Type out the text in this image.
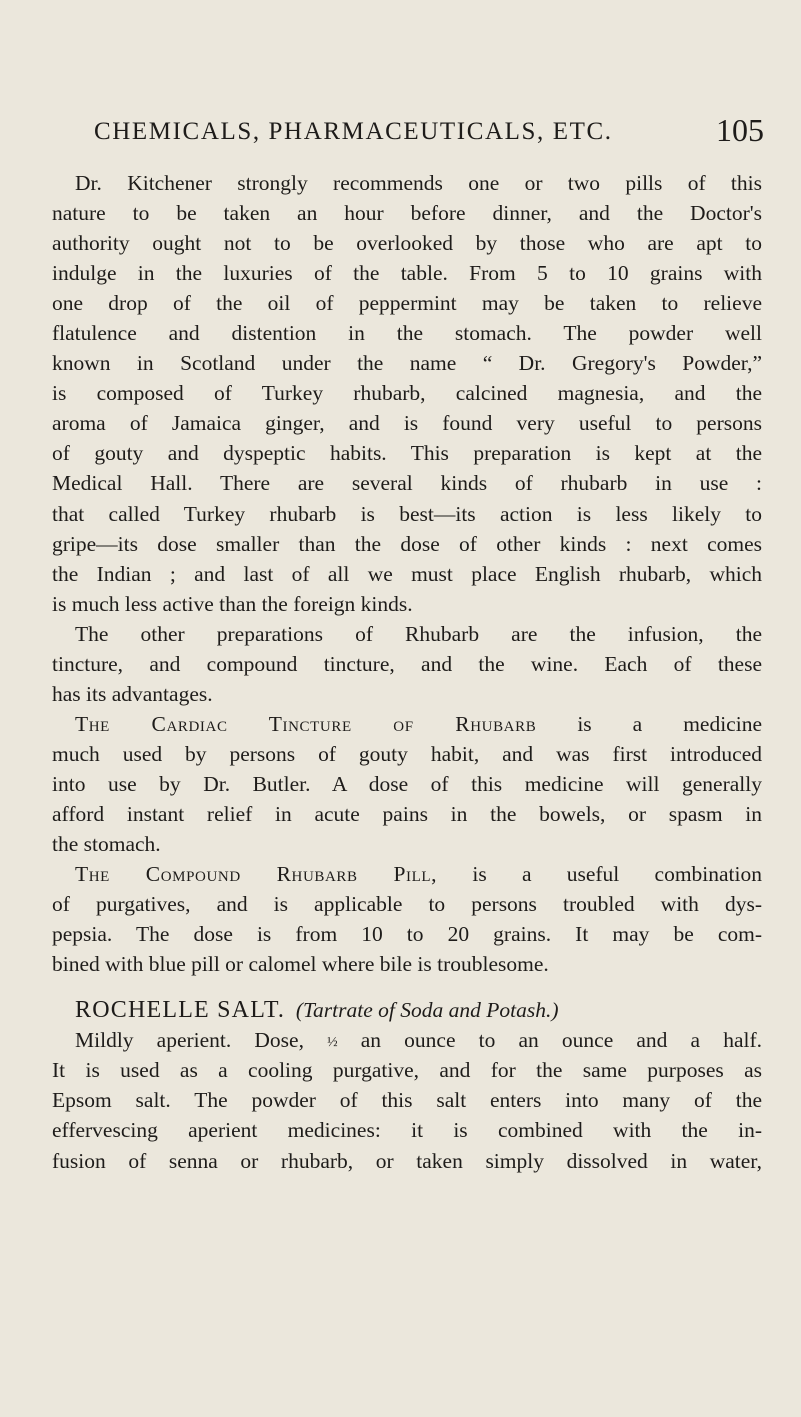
CHEMICALS, PHARMACEUTICALS, ETC.	105
Dr. Kitchener strongly recommends one or two pills of this
nature to be taken an hour before dinner, and the Doctor's
authority ought not to be overlooked by those who are apt to
indulge in the luxuries of the table. From 5 to 10 grains with
one drop of the oil of peppermint may be taken to relieve
flatulence and distention in the stomach. The powder well
known in Scotland under the name “ Dr. Gregory's Powder,”
is composed of Turkey rhubarb, calcined magnesia, and the
aroma of Jamaica ginger, and is found very useful to persons
of gouty and dyspeptic habits. This preparation is kept at the
Medical Hall. There are several kinds of rhubarb in use :
that called Turkey rhubarb is best—its action is less likely to
gripe—its dose smaller than the dose of other kinds : next comes
the Indian ; and last of all we must place English rhubarb, which
is much less active than the foreign kinds.
The other preparations of Rhubarb are the infusion, the
tincture, and compound tincture, and the wine. Each of these
has its advantages.
The Cardiac Tincture of Rhubarb is a medicine
much used by persons of gouty habit, and was first introduced
into use by Dr. Butler. A dose of this medicine will generally
afford instant relief in acute pains in the bowels, or spasm in
the stomach.
The Compound Rhubarb Pill, is a useful combination
of purgatives, and is applicable to persons troubled with dys-
pepsia. The dose is from 10 to 20 grains. It may be com-
bined with blue pill or calomel where bile is troublesome.
ROCHELLE SALT. (Tartrate of Soda and Potash.)
Mildly aperient. Dose, ½ an ounce to an ounce and a half.
It is used as a cooling purgative, and for the same purposes as
Epsom salt. The powder of this salt enters into many of the
effervescing aperient medicines: it is combined with the in-
fusion of senna or rhubarb, or taken simply dissolved in water,
